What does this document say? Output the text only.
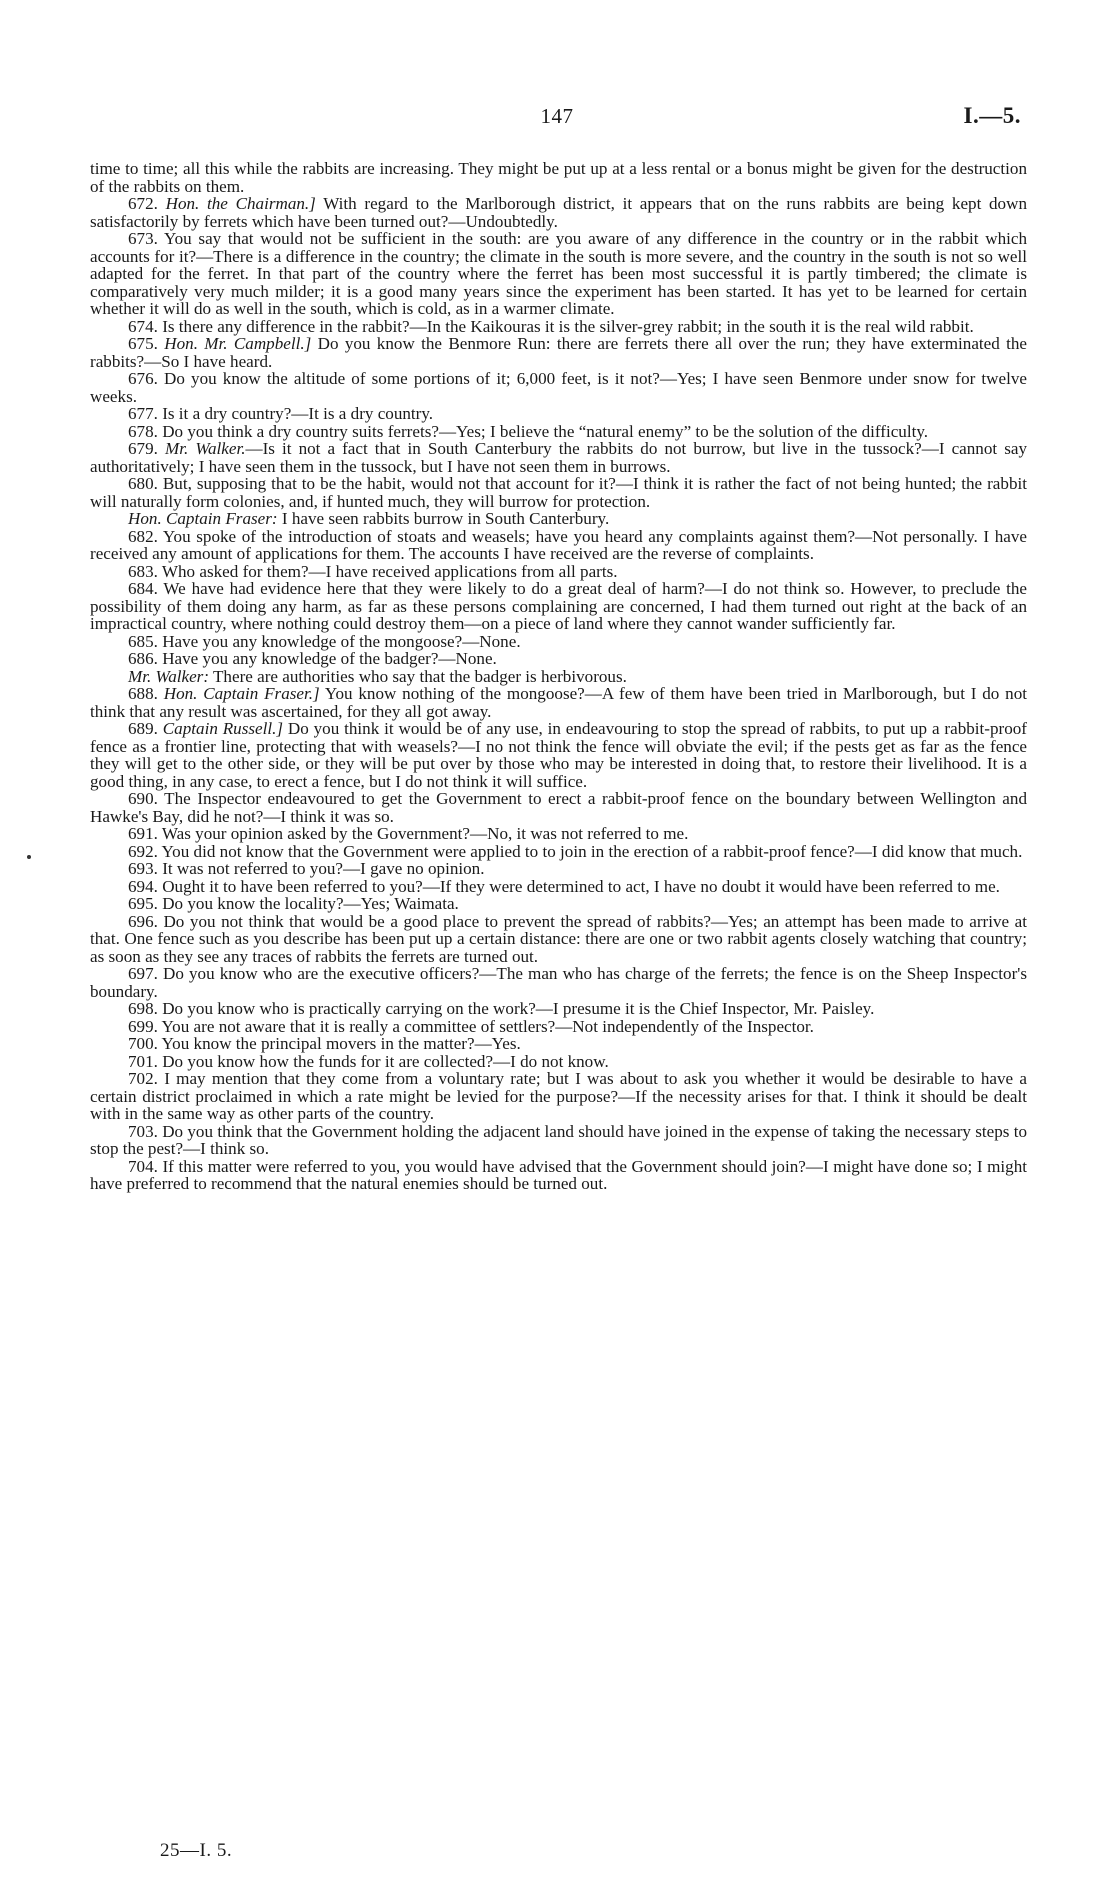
147	I.—5.

time to time; all this while the rabbits are increasing. They might be put up at a less rental or a bonus might be given for the destruction of the rabbits on them.

672. Hon. the Chairman.] With regard to the Marlborough district, it appears that on the runs rabbits are being kept down satisfactorily by ferrets which have been turned out?—Undoubtedly.

673. You say that would not be sufficient in the south: are you aware of any difference in the country or in the rabbit which accounts for it?—There is a difference in the country; the climate in the south is more severe, and the country in the south is not so well adapted for the ferret. In that part of the country where the ferret has been most successful it is partly timbered; the climate is comparatively very much milder; it is a good many years since the experiment has been started. It has yet to be learned for certain whether it will do as well in the south, which is cold, as in a warmer climate.

674. Is there any difference in the rabbit?—In the Kaikouras it is the silver-grey rabbit; in the south it is the real wild rabbit.

675. Hon. Mr. Campbell.] Do you know the Benmore Run: there are ferrets there all over the run; they have exterminated the rabbits?—So I have heard.

676. Do you know the altitude of some portions of it; 6,000 feet, is it not?—Yes; I have seen Benmore under snow for twelve weeks.

677. Is it a dry country?—It is a dry country.

678. Do you think a dry country suits ferrets?—Yes; I believe the “natural enemy” to be the solution of the difficulty.

679. Mr. Walker.—Is it not a fact that in South Canterbury the rabbits do not burrow, but live in the tussock?—I cannot say authoritatively; I have seen them in the tussock, but I have not seen them in burrows.

680. But, supposing that to be the habit, would not that account for it?—I think it is rather the fact of not being hunted; the rabbit will naturally form colonies, and, if hunted much, they will burrow for protection.

Hon. Captain Fraser: I have seen rabbits burrow in South Canterbury.

682. You spoke of the introduction of stoats and weasels; have you heard any complaints against them?—Not personally. I have received any amount of applications for them. The accounts I have received are the reverse of complaints.

683. Who asked for them?—I have received applications from all parts.

684. We have had evidence here that they were likely to do a great deal of harm?—I do not think so. However, to preclude the possibility of them doing any harm, as far as these persons complaining are concerned, I had them turned out right at the back of an impractical country, where nothing could destroy them—on a piece of land where they cannot wander sufficiently far.

685. Have you any knowledge of the mongoose?—None.

686. Have you any knowledge of the badger?—None.

Mr. Walker: There are authorities who say that the badger is herbivorous.

688. Hon. Captain Fraser.] You know nothing of the mongoose?—A few of them have been tried in Marlborough, but I do not think that any result was ascertained, for they all got away.

689. Captain Russell.] Do you think it would be of any use, in endeavouring to stop the spread of rabbits, to put up a rabbit-proof fence as a frontier line, protecting that with weasels?—I no not think the fence will obviate the evil; if the pests get as far as the fence they will get to the other side, or they will be put over by those who may be interested in doing that, to restore their livelihood. It is a good thing, in any case, to erect a fence, but I do not think it will suffice.

690. The Inspector endeavoured to get the Government to erect a rabbit-proof fence on the boundary between Wellington and Hawke's Bay, did he not?—I think it was so.

691. Was your opinion asked by the Government?—No, it was not referred to me.

692. You did not know that the Government were applied to to join in the erection of a rabbit-proof fence?—I did know that much.

693. It was not referred to you?—I gave no opinion.

694. Ought it to have been referred to you?—If they were determined to act, I have no doubt it would have been referred to me.

695. Do you know the locality?—Yes; Waimata.

696. Do you not think that would be a good place to prevent the spread of rabbits?—Yes; an attempt has been made to arrive at that. One fence such as you describe has been put up a certain distance: there are one or two rabbit agents closely watching that country; as soon as they see any traces of rabbits the ferrets are turned out.

697. Do you know who are the executive officers?—The man who has charge of the ferrets; the fence is on the Sheep Inspector's boundary.

698. Do you know who is practically carrying on the work?—I presume it is the Chief Inspector, Mr. Paisley.

699. You are not aware that it is really a committee of settlers?—Not independently of the Inspector.

700. You know the principal movers in the matter?—Yes.

701. Do you know how the funds for it are collected?—I do not know.

702. I may mention that they come from a voluntary rate; but I was about to ask you whether it would be desirable to have a certain district proclaimed in which a rate might be levied for the purpose?—If the necessity arises for that. I think it should be dealt with in the same way as other parts of the country.

703. Do you think that the Government holding the adjacent land should have joined in the expense of taking the necessary steps to stop the pest?—I think so.

704. If this matter were referred to you, you would have advised that the Government should join?—I might have done so; I might have preferred to recommend that the natural enemies should be turned out.

25—I. 5.
